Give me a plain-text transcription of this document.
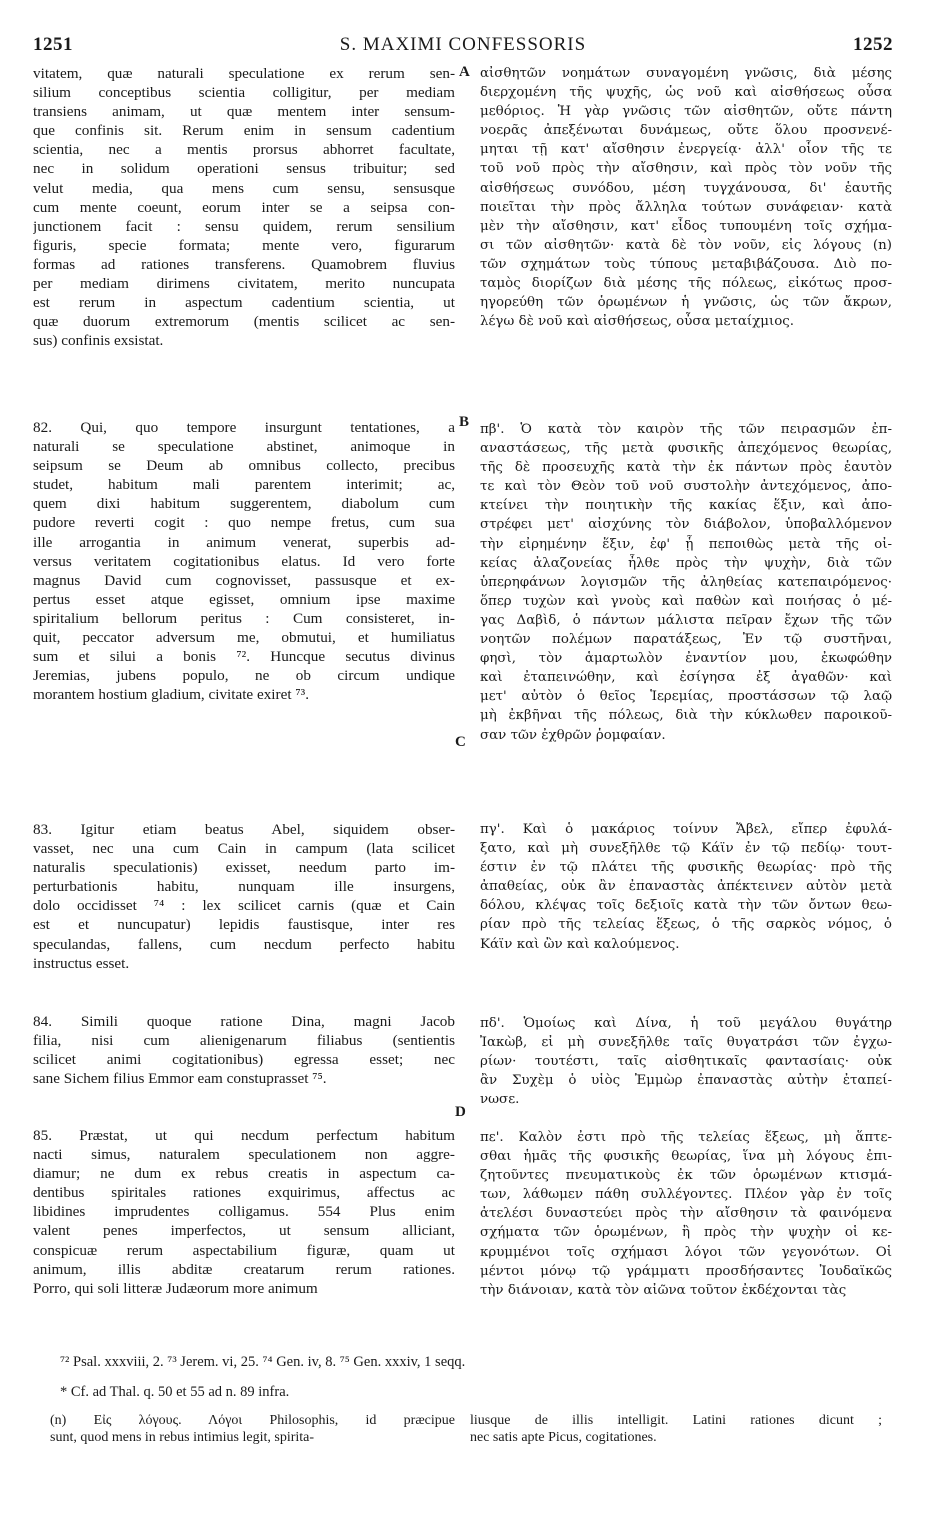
1251	S. MAXIMI CONFESSORIS	1252
A
B
C
D
vitatem, quæ naturali speculatione ex rerum sen-
silium conceptibus scientia colligitur, per mediam
transiens animam, ut quæ mentem inter sensum-
que confinis sit. Rerum enim in sensum cadentium
scientia, nec a mentis prorsus abhorret facultate,
nec in solidum operationi sensus tribuitur; sed
velut media, qua mens cum sensu, sensusque
cum mente coeunt, eorum inter se a seipsa con-
junctionem facit : sensu quidem, rerum sensilium
figuris, specie formata; mente vero, figurarum
formas ad rationes transferens. Quamobrem fluvius
per mediam dirimens civitatem, merito nuncupata
est rerum in aspectum cadentium scientia, ut
quæ duorum extremorum (mentis scilicet ac sen-
sus) confinis exsistat.
82. Qui, quo tempore insurgunt tentationes, a
naturali se speculatione abstinet, animoque in
seipsum se Deum ab omnibus collecto, precibus
studet, habitum mali parentem interimit; ac,
quem dixi habitum suggerentem, diabolum cum
pudore reverti cogit : quo nempe fretus, cum sua
ille arrogantia in animum venerat, superbis ad-
versus veritatem cogitationibus elatus. Id vero forte
magnus David cum cognovisset, passusque et ex-
pertus esset atque egisset, omnium ipse maxime
spiritalium bellorum peritus : Cum consisteret, in-
quit, peccator adversum me, obmutui, et humiliatus
sum et silui a bonis ⁷². Huncque secutus divinus
Jeremias, jubens populo, ne ob circum undique
morantem hostium gladium, civitate exiret ⁷³.
83. Igitur etiam beatus Abel, siquidem obser-
vasset, nec una cum Cain in campum (lata scilicet
naturalis speculationis) exisset, needum parto im-
perturbationis habitu, nunquam ille insurgens,
dolo occidisset ⁷⁴ : lex scilicet carnis (quæ et Cain
est et nuncupatur) lepidis faustisque, inter res
speculandas, fallens, cum necdum perfecto habitu
instructus esset.
84. Simili quoque ratione Dina, magni Jacob
filia, nisi cum alienigenarum filiabus (sentientis
scilicet animi cogitationibus) egressa esset; nec
sane Sichem filius Emmor eam constuprasset ⁷⁵.
85. Præstat, ut qui necdum perfectum habitum
nacti simus, naturalem speculationem non aggre-
diamur; ne dum ex rebus creatis in aspectum ca-
dentibus spiritales rationes exquirimus, affectus ac
libidines imprudentes colligamus. 554 Plus enim
valent penes imperfectos, ut sensum alliciant,
conspicuæ rerum aspectabilium figuræ, quam ut
animum, illis abditæ creatarum rerum rationes.
Porro, qui soli litteræ Judæorum more animum
αἰσθητῶν νοημάτων συναγομένη γνῶσις, διὰ μέσης
διερχομένη τῆς ψυχῆς, ὡς νοῦ καὶ αἰσθήσεως οὖσα
μεθόριος. Ἡ γὰρ γνῶσις τῶν αἰσθητῶν, οὔτε πάντη
νοερᾶς ἀπεξένωται δυνάμεως, οὔτε ὅλου προσνενέ-
μηται τῇ κατ' αἴσθησιν ἐνεργείᾳ· ἀλλ' οἷον τῆς τε
τοῦ νοῦ πρὸς τὴν αἴσθησιν, καὶ πρὸς τὸν νοῦν τῆς
αἰσθήσεως συνόδου, μέση τυγχάνουσα, δι' ἑαυτῆς
ποιεῖται τὴν πρὸς ἄλληλα τούτων συνάφειαν· κατὰ
μὲν τὴν αἴσθησιν, κατ' εἶδος τυπουμένη τοῖς σχήμα-
σι τῶν αἰσθητῶν· κατὰ δὲ τὸν νοῦν, εἰς λόγους (n)
τῶν σχημάτων τοὺς τύπους μεταβιβάζουσα. Διὸ πο-
ταμὸς διορίζων διὰ μέσης τῆς πόλεως, εἰκότως προσ-
ηγορεύθη τῶν ὁρωμένων ἡ γνῶσις, ὡς τῶν ἄκρων,
λέγω δὲ νοῦ καὶ αἰσθήσεως, οὖσα μεταίχμιος.
πβ'. Ὁ κατὰ τὸν καιρὸν τῆς τῶν πειρασμῶν ἐπ-
αναστάσεως, τῆς μετὰ φυσικῆς ἀπεχόμενος θεωρίας,
τῆς δὲ προσευχῆς κατὰ τὴν ἐκ πάντων πρὸς ἑαυτὸν
τε καὶ τὸν Θεὸν τοῦ νοῦ συστολὴν ἀντεχόμενος, ἀπο-
κτείνει τὴν ποιητικὴν τῆς κακίας ἕξιν, καὶ ἀπο-
στρέφει μετ' αἰσχύνης τὸν διάβολον, ὑποβαλλόμενον
τὴν εἰρημένην ἕξιν, ἐφ' ᾗ πεποιθὼς μετὰ τῆς οἰ-
κείας ἀλαζονείας ἦλθε πρὸς τὴν ψυχὴν, διὰ τῶν
ὑπερηφάνων λογισμῶν τῆς ἀληθείας κατεπαιρόμενος·
ὅπερ τυχὼν καὶ γνοὺς καὶ παθὼν καὶ ποιήσας ὁ μέ-
γας Δαβὶδ, ὁ πάντων μάλιστα πεῖραν ἔχων τῆς τῶν
νοητῶν πολέμων παρατάξεως, Ἐν τῷ συστῆναι,
φησὶ, τὸν ἁμαρτωλὸν ἐναντίον μου, ἐκωφώθην
καὶ ἐταπεινώθην, καὶ ἐσίγησα ἐξ ἀγαθῶν· καὶ
μετ' αὐτὸν ὁ θεῖος Ἱερεμίας, προστάσσων τῷ λαῷ
μὴ ἐκβῆναι τῆς πόλεως, διὰ τὴν κύκλωθεν παροικοῦ-
σαν τῶν ἐχθρῶν ῥομφαίαν.
πγ'. Καὶ ὁ μακάριος τοίνυν Ἄβελ, εἴπερ ἐφυλά-
ξατο, καὶ μὴ συνεξῆλθε τῷ Κάϊν ἐν τῷ πεδίῳ· τουτ-
έστιν ἐν τῷ πλάτει τῆς φυσικῆς θεωρίας· πρὸ τῆς
ἀπαθείας, οὐκ ἂν ἐπαναστὰς ἀπέκτεινεν αὐτὸν μετὰ
δόλου, κλέψας τοῖς δεξιοῖς κατὰ τὴν τῶν ὄντων θεω-
ρίαν πρὸ τῆς τελείας ἕξεως, ὁ τῆς σαρκὸς νόμος, ὁ
Κάϊν καὶ ὢν καὶ καλούμενος.
πδ'. Ὁμοίως καὶ Δίνα, ἡ τοῦ μεγάλου θυγάτηρ
Ἰακὼβ, εἰ μὴ συνεξῆλθε ταῖς θυγατράσι τῶν ἐγχω-
ρίων· τουτέστι, ταῖς αἰσθητικαῖς φαντασίαις· οὐκ
ἂν Συχὲμ ὁ υἱὸς Ἐμμὼρ ἐπαναστὰς αὐτὴν ἐταπεί-
νωσε.
πε'. Καλὸν ἐστι πρὸ τῆς τελείας ἕξεως, μὴ ἅπτε-
σθαι ἡμᾶς τῆς φυσικῆς θεωρίας, ἵνα μὴ λόγους ἐπι-
ζητοῦντες πνευματικοὺς ἐκ τῶν ὁρωμένων κτισμά-
των, λάθωμεν πάθη συλλέγοντες. Πλέον γὰρ ἐν τοῖς
ἀτελέσι δυναστεύει πρὸς τὴν αἴσθησιν τὰ φαινόμενα
σχήματα τῶν ὁρωμένων, ἢ πρὸς τὴν ψυχὴν οἱ κε-
κρυμμένοι τοῖς σχήμασι λόγοι τῶν γεγονότων. Οἱ
μέντοι μόνῳ τῷ γράμματι προσδήσαντες Ἰουδαϊκῶς
τὴν διάνοιαν, κατὰ τὸν αἰῶνα τοῦτον ἐκδέχονται τὰς
⁷² Psal. xxxviii, 2. ⁷³ Jerem. vi, 25. ⁷⁴ Gen. iv, 8. ⁷⁵ Gen. xxxiv, 1 seqq.
* Cf. ad Thal. q. 50 et 55 ad n. 89 infra.
(n) Εἰς λόγους. Λόγοι Philosophis, id præcipue
sunt, quod mens in rebus intimius legit, spirita-
liusque de illis intelligit. Latini rationes dicunt ;
nec satis apte Picus, cogitationes.
